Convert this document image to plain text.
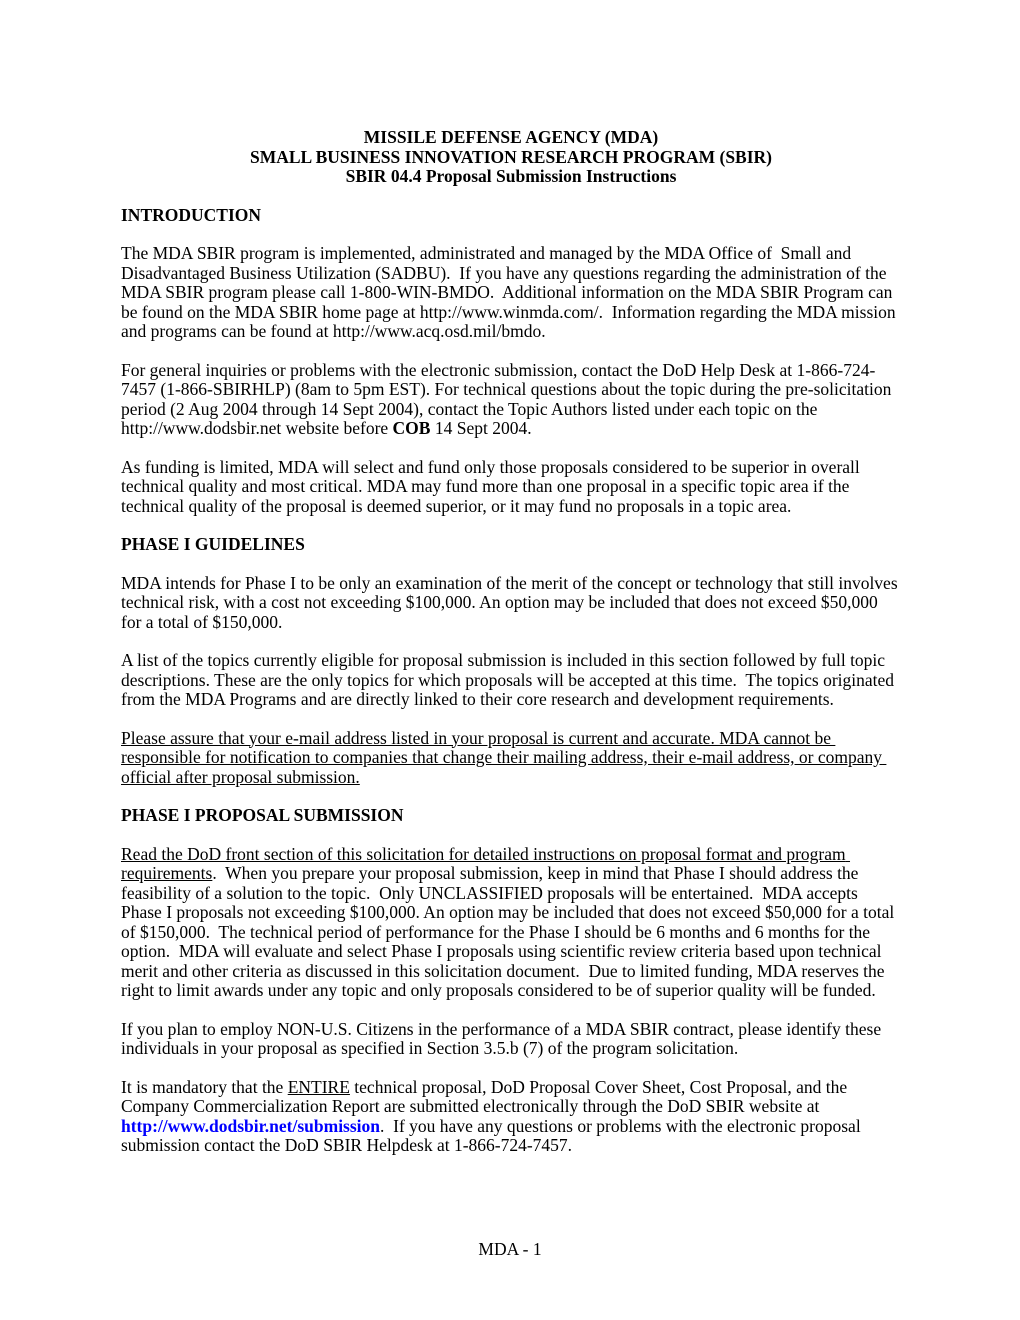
MISSILE DEFENSE AGENCY (MDA)
SMALL BUSINESS INNOVATION RESEARCH PROGRAM (SBIR)
SBIR 04.4 Proposal Submission Instructions
INTRODUCTION
The MDA SBIR program is implemented, administrated and managed by the MDA Office of  Small and Disadvantaged Business Utilization (SADBU).  If you have any questions regarding the administration of the MDA SBIR program please call 1-800-WIN-BMDO.  Additional information on the MDA SBIR Program can be found on the MDA SBIR home page at http://www.winmda.com/.  Information regarding the MDA mission and programs can be found at http://www.acq.osd.mil/bmdo.
For general inquiries or problems with the electronic submission, contact the DoD Help Desk at 1-866-724-7457 (1-866-SBIRHLP) (8am to 5pm EST). For technical questions about the topic during the pre-solicitation period (2 Aug 2004 through 14 Sept 2004), contact the Topic Authors listed under each topic on the http://www.dodsbir.net website before COB 14 Sept 2004.
As funding is limited, MDA will select and fund only those proposals considered to be superior in overall technical quality and most critical. MDA may fund more than one proposal in a specific topic area if the technical quality of the proposal is deemed superior, or it may fund no proposals in a topic area.
PHASE I GUIDELINES
MDA intends for Phase I to be only an examination of the merit of the concept or technology that still involves technical risk, with a cost not exceeding $100,000. An option may be included that does not exceed $50,000 for a total of $150,000.
A list of the topics currently eligible for proposal submission is included in this section followed by full topic descriptions. These are the only topics for which proposals will be accepted at this time.  The topics originated from the MDA Programs and are directly linked to their core research and development requirements.
Please assure that your e-mail address listed in your proposal is current and accurate. MDA cannot be responsible for notification to companies that change their mailing address, their e-mail address, or company official after proposal submission.
PHASE I PROPOSAL SUBMISSION
Read the DoD front section of this solicitation for detailed instructions on proposal format and program requirements.  When you prepare your proposal submission, keep in mind that Phase I should address the feasibility of a solution to the topic.  Only UNCLASSIFIED proposals will be entertained.  MDA accepts Phase I proposals not exceeding $100,000. An option may be included that does not exceed $50,000 for a total of $150,000.  The technical period of performance for the Phase I should be 6 months and 6 months for the option.  MDA will evaluate and select Phase I proposals using scientific review criteria based upon technical merit and other criteria as discussed in this solicitation document.  Due to limited funding, MDA reserves the right to limit awards under any topic and only proposals considered to be of superior quality will be funded.
If you plan to employ NON-U.S. Citizens in the performance of a MDA SBIR contract, please identify these individuals in your proposal as specified in Section 3.5.b (7) of the program solicitation.
It is mandatory that the ENTIRE technical proposal, DoD Proposal Cover Sheet, Cost Proposal, and the Company Commercialization Report are submitted electronically through the DoD SBIR website at http://www.dodsbir.net/submission.  If you have any questions or problems with the electronic proposal submission contact the DoD SBIR Helpdesk at 1-866-724-7457.
MDA - 1
